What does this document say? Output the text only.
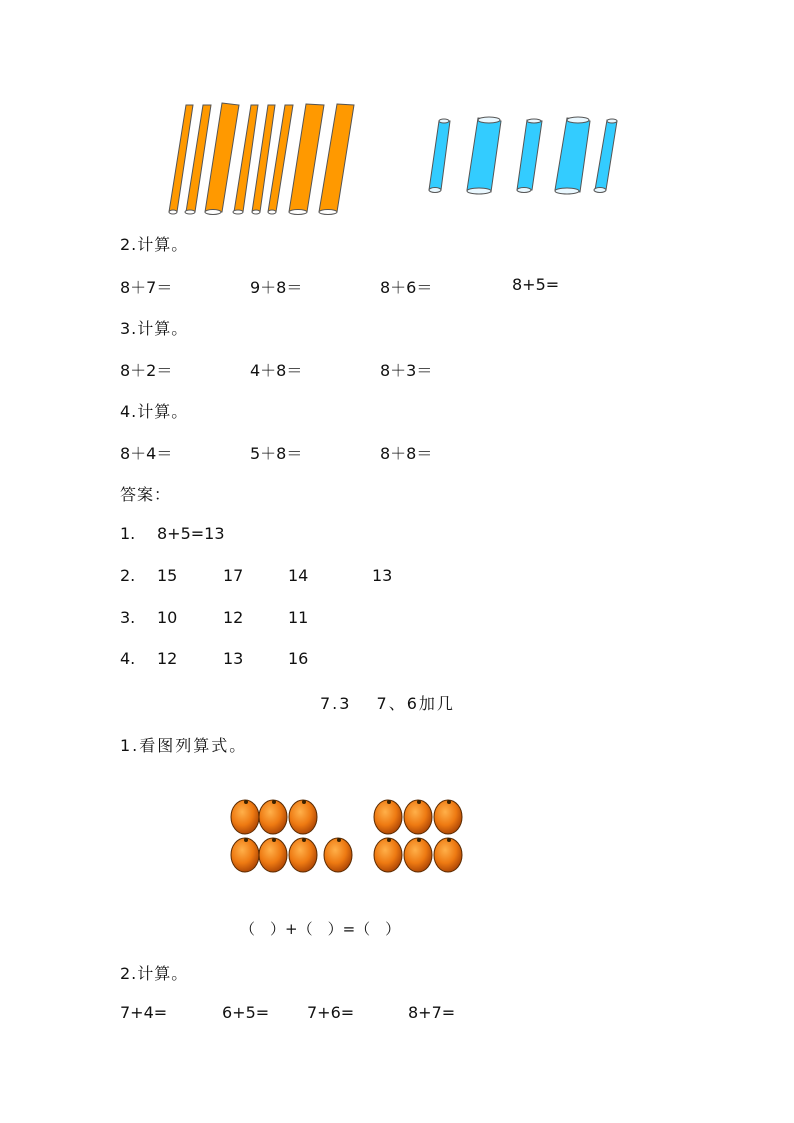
2.计算。
8＋7＝	9＋8＝	8＋6＝	8+5=
3.计算。
8＋2＝	4＋8＝	8＋3＝
4.计算。
8＋4＝	5＋8＝	8＋8＝
答案：
1. 8+5=13
2. 15	17	14	13
3. 10	12	11
4. 12	13	16
7.3　 7、6加几
1.看图列算式。
（　）+（　）=（　）
2.计算。
7+4=	6+5= 7+6=	8+7=
